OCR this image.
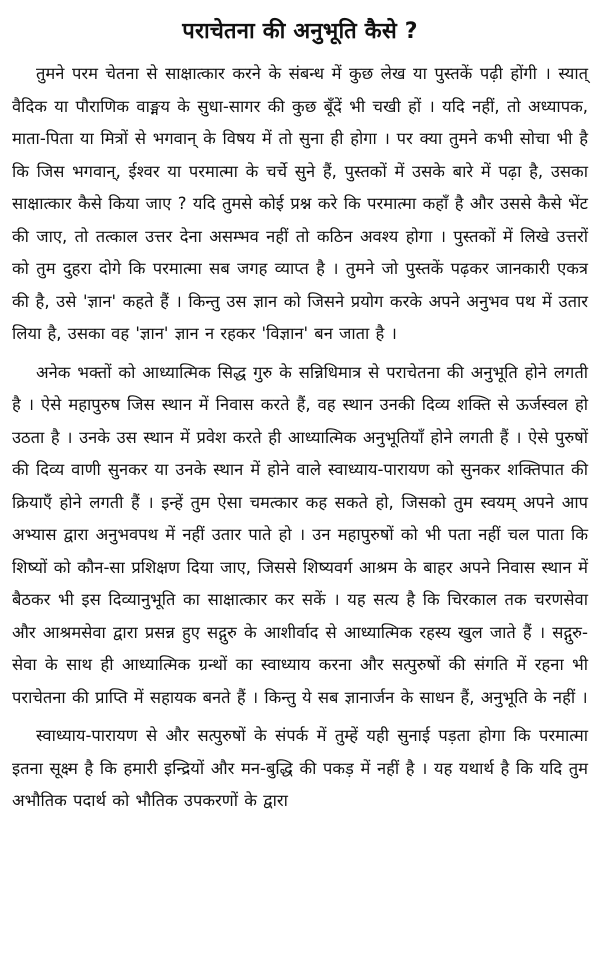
पराचेतना की अनुभूति कैसे ?

तुमने परम चेतना से साक्षात्कार करने के संबन्ध में कुछ लेख या पुस्तकें पढ़ी होंगी । स्यात् वैदिक या पौराणिक वाङ्मय के सुधा-सागर की कुछ बूँदें भी चखी हों । यदि नहीं, तो अध्यापक, माता-पिता या मित्रों से भगवान् के विषय में तो सुना ही होगा । पर क्या तुमने कभी सोचा भी है कि जिस भगवान्, ईश्वर या परमात्मा के चर्चे सुने हैं, पुस्तकों में उसके बारे में पढ़ा है, उसका साक्षात्कार कैसे किया जाए ? यदि तुमसे कोई प्रश्न करे कि परमात्मा कहाँ है और उससे कैसे भेंट की जाए, तो तत्काल उत्तर देना असम्भव नहीं तो कठिन अवश्य होगा । पुस्तकों में लिखे उत्तरों को तुम दुहरा दोगे कि परमात्मा सब जगह व्याप्त है । तुमने जो पुस्तकें पढ़कर जानकारी एकत्र की है, उसे 'ज्ञान' कहते हैं । किन्तु उस ज्ञान को जिसने प्रयोग करके अपने अनुभव पथ में उतार लिया है, उसका वह 'ज्ञान' ज्ञान न रहकर 'विज्ञान' बन जाता है ।

अनेक भक्तों को आध्यात्मिक सिद्ध गुरु के सन्निधिमात्र से पराचेतना की अनुभूति होने लगती है । ऐसे महापुरुष जिस स्थान में निवास करते हैं, वह स्थान उनकी दिव्य शक्ति से ऊर्जस्वल हो उठता है । उनके उस स्थान में प्रवेश करते ही आध्यात्मिक अनुभूतियाँ होने लगती हैं । ऐसे पुरुषों की दिव्य वाणी सुनकर या उनके स्थान में होने वाले स्वाध्याय-पारायण को सुनकर शक्तिपात की क्रियाएँ होने लगती हैं । इन्हें तुम ऐसा चमत्कार कह सकते हो, जिसको तुम स्वयम् अपने आप अभ्यास द्वारा अनुभवपथ में नहीं उतार पाते हो । उन महापुरुषों को भी पता नहीं चल पाता कि शिष्यों को कौन-सा प्रशिक्षण दिया जाए, जिससे शिष्यवर्ग आश्रम के बाहर अपने निवास स्थान में बैठकर भी इस दिव्यानुभूति का साक्षात्कार कर सकें । यह सत्य है कि चिरकाल तक चरणसेवा और आश्रमसेवा द्वारा प्रसन्न हुए सद्गुरु के आशीर्वाद से आध्यात्मिक रहस्य खुल जाते हैं । सद्गुरु-सेवा के साथ ही आध्यात्मिक ग्रन्थों का स्वाध्याय करना और सत्पुरुषों की संगति में रहना भी पराचेतना की प्राप्ति में सहायक बनते हैं । किन्तु ये सब ज्ञानार्जन के साधन हैं, अनुभूति के नहीं ।

स्वाध्याय-पारायण से और सत्पुरुषों के संपर्क में तुम्हें यही सुनाई पड़ता होगा कि परमात्मा इतना सूक्ष्म है कि हमारी इन्द्रियों और मन-बुद्धि की पकड़ में नहीं है । यह यथार्थ है कि यदि तुम अभौतिक पदार्थ को भौतिक उपकरणों के द्वारा
